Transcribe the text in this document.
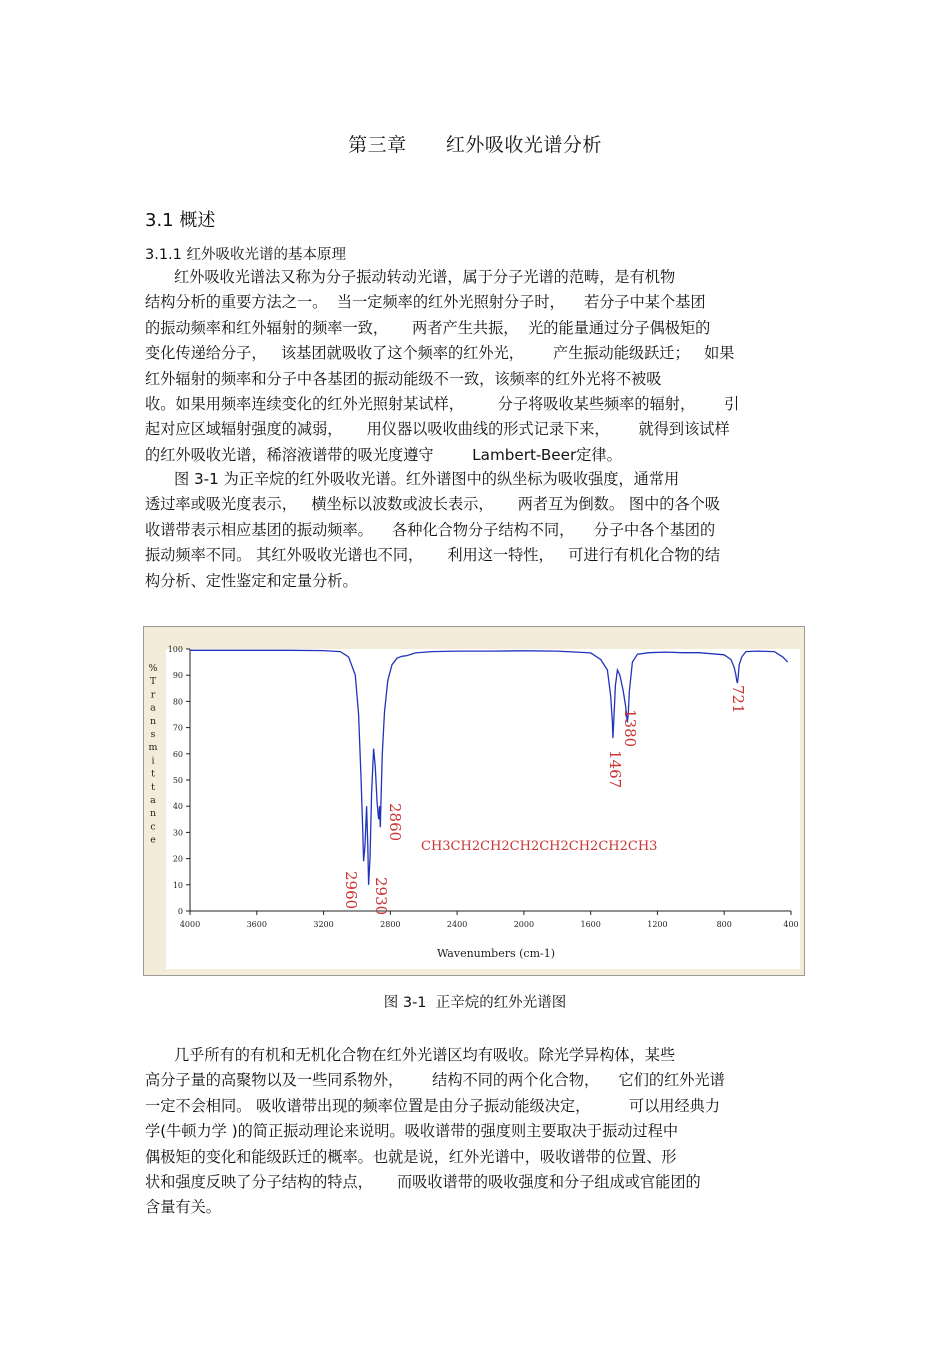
第三章      红外吸收光谱分析
3.1 概述
3.1.1 红外吸收光谱的基本原理

红外吸收光谱法又称为分子振动转动光谱，属于分子光谱的范畴，是有机物
结构分析的重要方法之一。  当一定频率的红外光照射分子时，    若分子中某个基团
的振动频率和红外辐射的频率一致，     两者产生共振，  光的能量通过分子偶极矩的
变化传递给分子，   该基团就吸收了这个频率的红外光，      产生振动能级跃迁；   如果
红外辐射的频率和分子中各基团的振动能级不一致，该频率的红外光将不被吸
收。如果用频率连续变化的红外光照射某试样，       分子将吸收某些频率的辐射，      引
起对应区域辐射强度的减弱，     用仪器以吸收曲线的形式记录下来，      就得到该试样
的红外吸收光谱，稀溶液谱带的吸光度遵守        Lambert-Beer定律。

图 3-1 为正辛烷的红外吸收光谱。红外谱图中的纵坐标为吸收强度，通常用
透过率或吸光度表示，   横坐标以波数或波长表示，     两者互为倒数。 图中的各个吸
收谱带表示相应基团的振动频率。    各种化合物分子结构不同，    分子中各个基团的
振动频率不同。 其红外吸收光谱也不同，     利用这一特性，   可进行有机化合物的结
构分析、定性鉴定和定量分析。

0
10
20
30
40
50
60
70
80
90
100
4000	3600	3200	2800	2400	2000	1600	1200	800	400
%
T
r
a
n
s
m
i
t
t
a
n
c
e
Wavenumbers (cm-1)
2960 2930
2860
1467
1380
721
CH3CH2CH2CH2CH2CH2CH2CH3
图 3-1  正辛烷的红外光谱图

几乎所有的有机和无机化合物在红外光谱区均有吸收。除光学异构体，某些
高分子量的高聚物以及一些同系物外，      结构不同的两个化合物，    它们的红外光谱
一定不会相同。 吸收谱带出现的频率位置是由分子振动能级决定，        可以用经典力
学(牛顿力学 )的简正振动理论来说明。吸收谱带的强度则主要取决于振动过程中
偶极矩的变化和能级跃迁的概率。也就是说，红外光谱中，吸收谱带的位置、形
状和强度反映了分子结构的特点，     而吸收谱带的吸收强度和分子组成或官能团的
含量有关。
